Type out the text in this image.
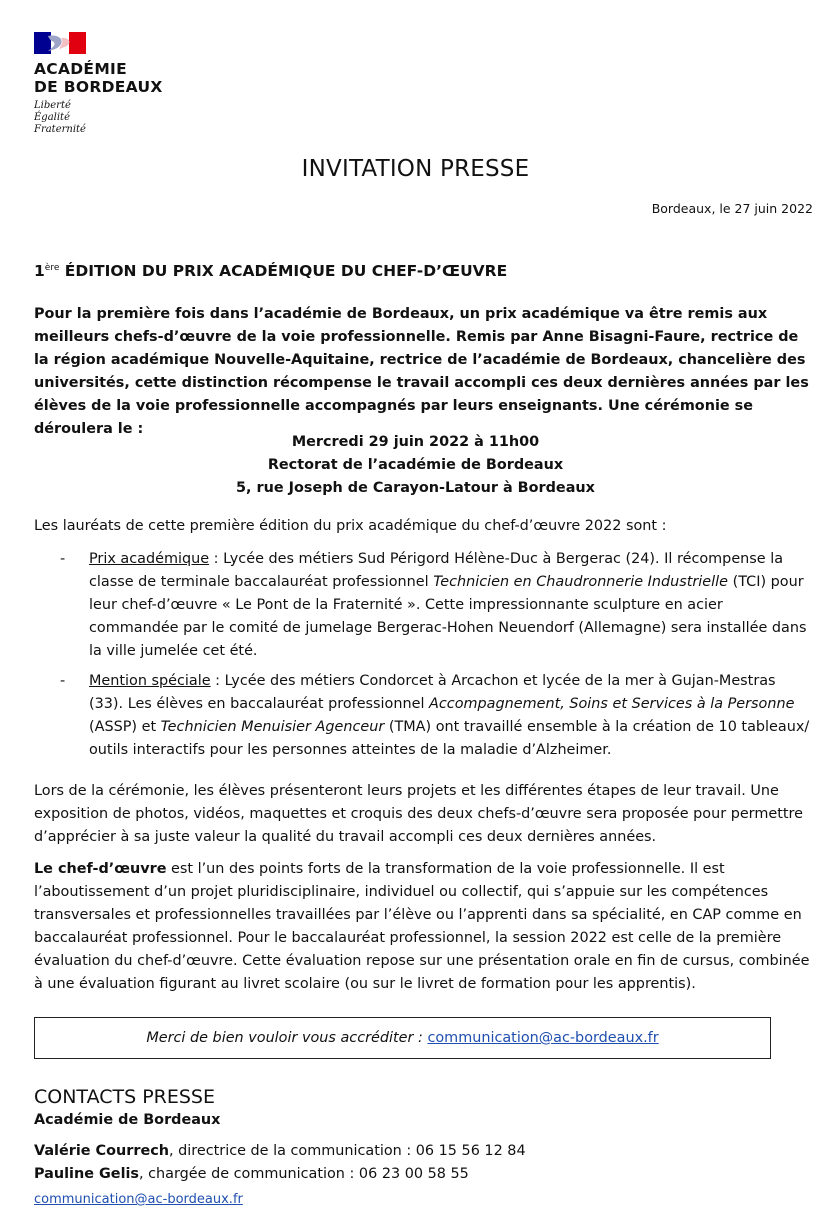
ACADÉMIE
DE BORDEAUX
Liberté
Égalité
Fraternité
INVITATION PRESSE
Bordeaux, le 27 juin 2022
1ère ÉDITION DU PRIX ACADÉMIQUE DU CHEF-D’ŒUVRE
Pour la première fois dans l’académie de Bordeaux, un prix académique va être remis aux meilleurs chefs-d’œuvre de la voie professionnelle. Remis par Anne Bisagni-Faure, rectrice de la région académique Nouvelle-Aquitaine, rectrice de l’académie de Bordeaux, chancelière des universités, cette distinction récompense le travail accompli ces deux dernières années par les élèves de la voie professionnelle accompagnés par leurs enseignants. Une cérémonie se déroulera le :
Mercredi 29 juin 2022 à 11h00
Rectorat de l’académie de Bordeaux
5, rue Joseph de Carayon-Latour à Bordeaux
Les lauréats de cette première édition du prix académique du chef-d’œuvre 2022 sont :
- Prix académique : Lycée des métiers Sud Périgord Hélène-Duc à Bergerac (24). Il récompense la classe de terminale baccalauréat professionnel Technicien en Chaudronnerie Industrielle (TCI) pour leur chef-d’œuvre « Le Pont de la Fraternité ». Cette impressionnante sculpture en acier commandée par le comité de jumelage Bergerac-Hohen Neuendorf (Allemagne) sera installée dans la ville jumelée cet été.
- Mention spéciale : Lycée des métiers Condorcet à Arcachon et lycée de la mer à Gujan-Mestras (33). Les élèves en baccalauréat professionnel Accompagnement, Soins et Services à la Personne (ASSP) et Technicien Menuisier Agenceur (TMA) ont travaillé ensemble à la création de 10 tableaux/ outils interactifs pour les personnes atteintes de la maladie d’Alzheimer.
Lors de la cérémonie, les élèves présenteront leurs projets et les différentes étapes de leur travail. Une exposition de photos, vidéos, maquettes et croquis des deux chefs-d’œuvre sera proposée pour permettre d’apprécier à sa juste valeur la qualité du travail accompli ces deux dernières années.
Le chef-d’œuvre est l’un des points forts de la transformation de la voie professionnelle. Il est l’aboutissement d’un projet pluridisciplinaire, individuel ou collectif, qui s’appuie sur les compétences transversales et professionnelles travaillées par l’élève ou l’apprenti dans sa spécialité, en CAP comme en baccalauréat professionnel. Pour le baccalauréat professionnel, la session 2022 est celle de la première évaluation du chef-d’œuvre. Cette évaluation repose sur une présentation orale en fin de cursus, combinée à une évaluation figurant au livret scolaire (ou sur le livret de formation pour les apprentis).
Merci de bien vouloir vous accréditer : communication@ac-bordeaux.fr
CONTACTS PRESSE
Académie de Bordeaux
Valérie Courrech, directrice de la communication : 06 15 56 12 84
Pauline Gelis, chargée de communication : 06 23 00 58 55
communication@ac-bordeaux.fr
